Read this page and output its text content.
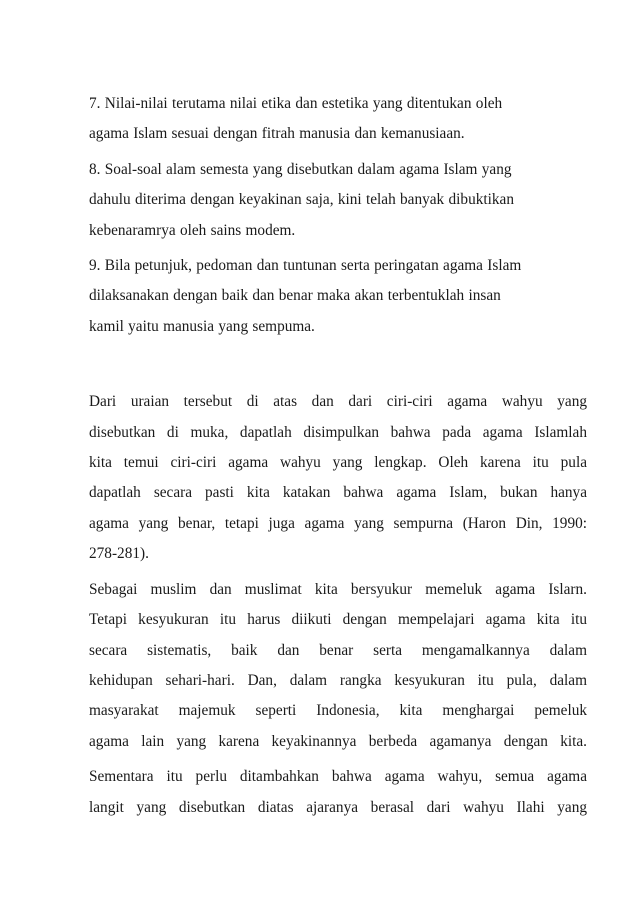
7. Nilai-nilai terutama nilai etika dan estetika yang ditentukan oleh
agama Islam sesuai dengan fitrah manusia dan kemanusiaan.
8. Soal-soal alam semesta yang disebutkan dalam agama Islam yang
dahulu diterima dengan keyakinan saja, kini telah banyak dibuktikan
kebenaramrya oleh sains modem.
9. Bila petunjuk, pedoman dan tuntunan serta peringatan agama Islam
dilaksanakan dengan baik dan benar maka akan terbentuklah insan
kamil yaitu manusia yang sempuma.
Dari uraian tersebut di atas dan dari ciri-ciri agama wahyu yang
disebutkan di muka, dapatlah disimpulkan bahwa pada agama Islamlah
kita temui ciri-ciri agama wahyu yang lengkap. Oleh karena itu pula
dapatlah secara pasti kita katakan bahwa agama Islam, bukan hanya
agama yang benar, tetapi juga agama yang sempurna (Haron Din, 1990:
278-281).
Sebagai muslim dan muslimat kita bersyukur memeluk agama Islarn.
Tetapi kesyukuran itu harus diikuti dengan mempelajari agama kita itu
secara sistematis, baik dan benar serta mengamalkannya dalam
kehidupan sehari-hari. Dan, dalam rangka kesyukuran itu pula, dalam
masyarakat majemuk seperti Indonesia, kita menghargai pemeluk
agama lain yang karena keyakinannya berbeda agamanya dengan kita.
Sementara itu perlu ditambahkan bahwa agama wahyu, semua agama
langit yang disebutkan diatas ajaranya berasal dari wahyu Ilahi yang
